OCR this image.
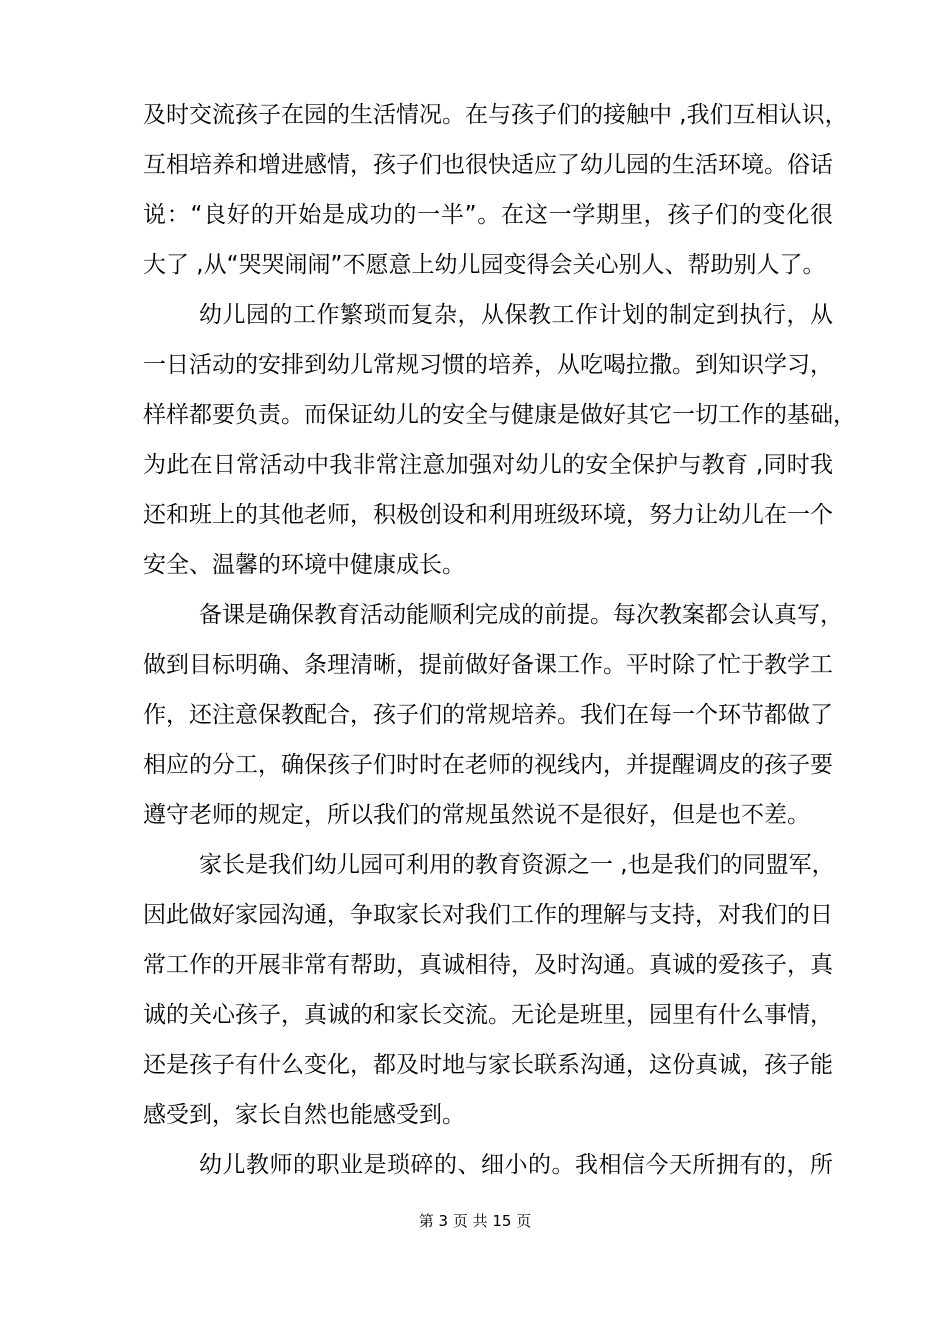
及时交流孩子在园的生活情况。在与孩子们的接触中 ,我们互相认识，
互相培养和增进感情，孩子们也很快适应了幼儿园的生活环境。俗话
说：“良好的开始是成功的一半”。在这一学期里，孩子们的变化很
大了 ,从“哭哭闹闹”不愿意上幼儿园变得会关心别人、帮助别人了。
幼儿园的工作繁琐而复杂，从保教工作计划的制定到执行，从
一日活动的安排到幼儿常规习惯的培养，从吃喝拉撒。到知识学习，
样样都要负责。而保证幼儿的安全与健康是做好其它一切工作的基础，
为此在日常活动中我非常注意加强对幼儿的安全保护与教育 ,同时我
还和班上的其他老师，积极创设和利用班级环境，努力让幼儿在一个
安全、温馨的环境中健康成长。
备课是确保教育活动能顺利完成的前提。每次教案都会认真写，
做到目标明确、条理清晰，提前做好备课工作。平时除了忙于教学工
作，还注意保教配合，孩子们的常规培养。我们在每一个环节都做了
相应的分工，确保孩子们时时在老师的视线内，并提醒调皮的孩子要
遵守老师的规定，所以我们的常规虽然说不是很好，但是也不差。
家长是我们幼儿园可利用的教育资源之一 ,也是我们的同盟军，
因此做好家园沟通，争取家长对我们工作的理解与支持，对我们的日
常工作的开展非常有帮助，真诚相待，及时沟通。真诚的爱孩子，真
诚的关心孩子，真诚的和家长交流。无论是班里，园里有什么事情，
还是孩子有什么变化，都及时地与家长联系沟通，这份真诚，孩子能
感受到，家长自然也能感受到。
幼儿教师的职业是琐碎的、细小的。我相信今天所拥有的，所
第 3 页 共 15 页
